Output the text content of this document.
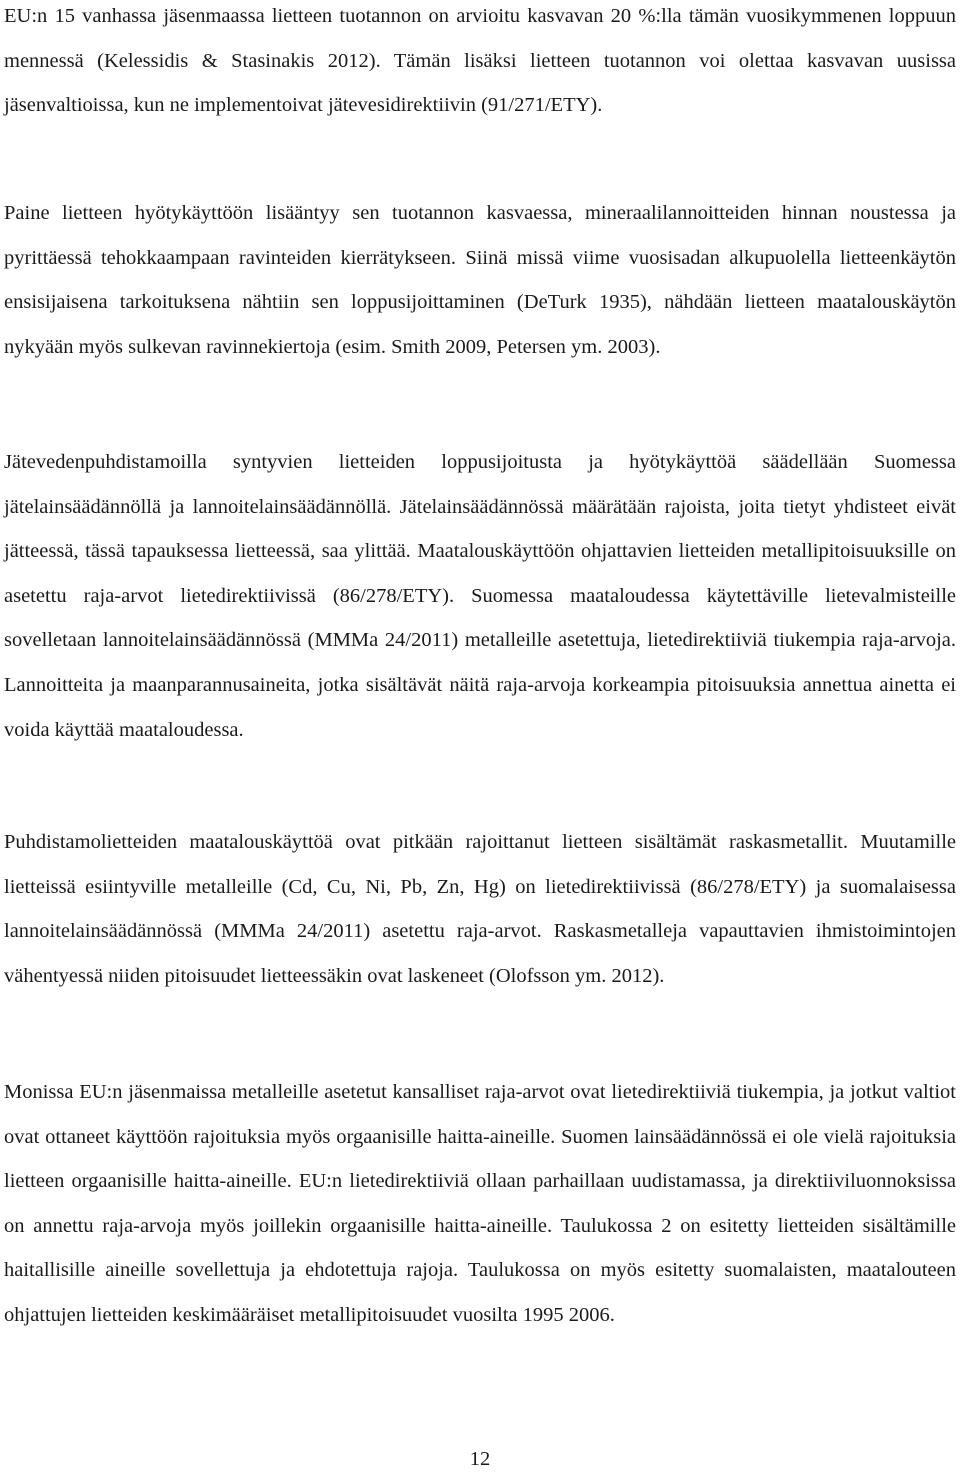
EU:n 15 vanhassa jäsenmaassa lietteen tuotannon on arvioitu kasvavan 20 %:lla tämän vuosikymmenen loppuun mennessä (Kelessidis & Stasinakis 2012). Tämän lisäksi lietteen tuotannon voi olettaa kasvavan uusissa jäsenvaltioissa, kun ne implementoivat jätevesidirektiivin (91/271/ETY).

Paine lietteen hyötykäyttöön lisääntyy sen tuotannon kasvaessa, mineraalilannoitteiden hinnan noustessa ja pyrittäessä tehokkaampaan ravinteiden kierrätykseen. Siinä missä viime vuosisadan alkupuolella lietteenkäytön ensisijaisena tarkoituksena nähtiin sen loppusijoittaminen (DeTurk 1935), nähdään lietteen maatalouskäytön nykyään myös sulkevan ravinnekiertoja (esim. Smith 2009, Petersen ym. 2003).

Jätevedenpuhdistamoilla syntyvien lietteiden loppusijoitusta ja hyötykäyttöä säädellään Suomessa jätelainsäädännöllä ja lannoitelainsäädännöllä. Jätelainsäädännössä määrätään rajoista, joita tietyt yhdisteet eivät jätteessä, tässä tapauksessa lietteessä, saa ylittää. Maatalouskäyttöön ohjattavien lietteiden metallipitoisuuksille on asetettu raja-arvot lietedirektiivissä (86/278/ETY). Suomessa maataloudessa käytettäville lietevalmisteille sovelletaan lannoitelainsäädännössä (MMMa 24/2011) metalleille asetettuja, lietedirektiiviä tiukempia raja-arvoja. Lannoitteita ja maanparannusaineita, jotka sisältävät näitä raja-arvoja korkeampia pitoisuuksia annettua ainetta ei voida käyttää maataloudessa.

Puhdistamolietteiden maatalouskäyttöä ovat pitkään rajoittanut lietteen sisältämät raskasmetallit. Muutamille lietteissä esiintyville metalleille (Cd, Cu, Ni, Pb, Zn, Hg) on lietedirektiivissä (86/278/ETY) ja suomalaisessa lannoitelainsäädännössä (MMMa 24/2011) asetettu raja-arvot. Raskasmetalleja vapauttavien ihmistoimintojen vähentyessä niiden pitoisuudet lietteessäkin ovat laskeneet (Olofsson ym. 2012).

Monissa EU:n jäsenmaissa metalleille asetetut kansalliset raja-arvot ovat lietedirektiiviä tiukempia, ja jotkut valtiot ovat ottaneet käyttöön rajoituksia myös orgaanisille haitta-aineille. Suomen lainsäädännössä ei ole vielä rajoituksia lietteen orgaanisille haitta-aineille. EU:n lietedirektiiviä ollaan parhaillaan uudistamassa, ja direktiiviluonnoksissa on annettu raja-arvoja myös joillekin orgaanisille haitta-aineille. Taulukossa 2 on esitetty lietteiden sisältämille haitallisille aineille sovellettuja ja ehdotettuja rajoja. Taulukossa on myös esitetty suomalaisten, maatalouteen ohjattujen lietteiden keskimääräiset metallipitoisuudet vuosilta 1995 2006.

12
